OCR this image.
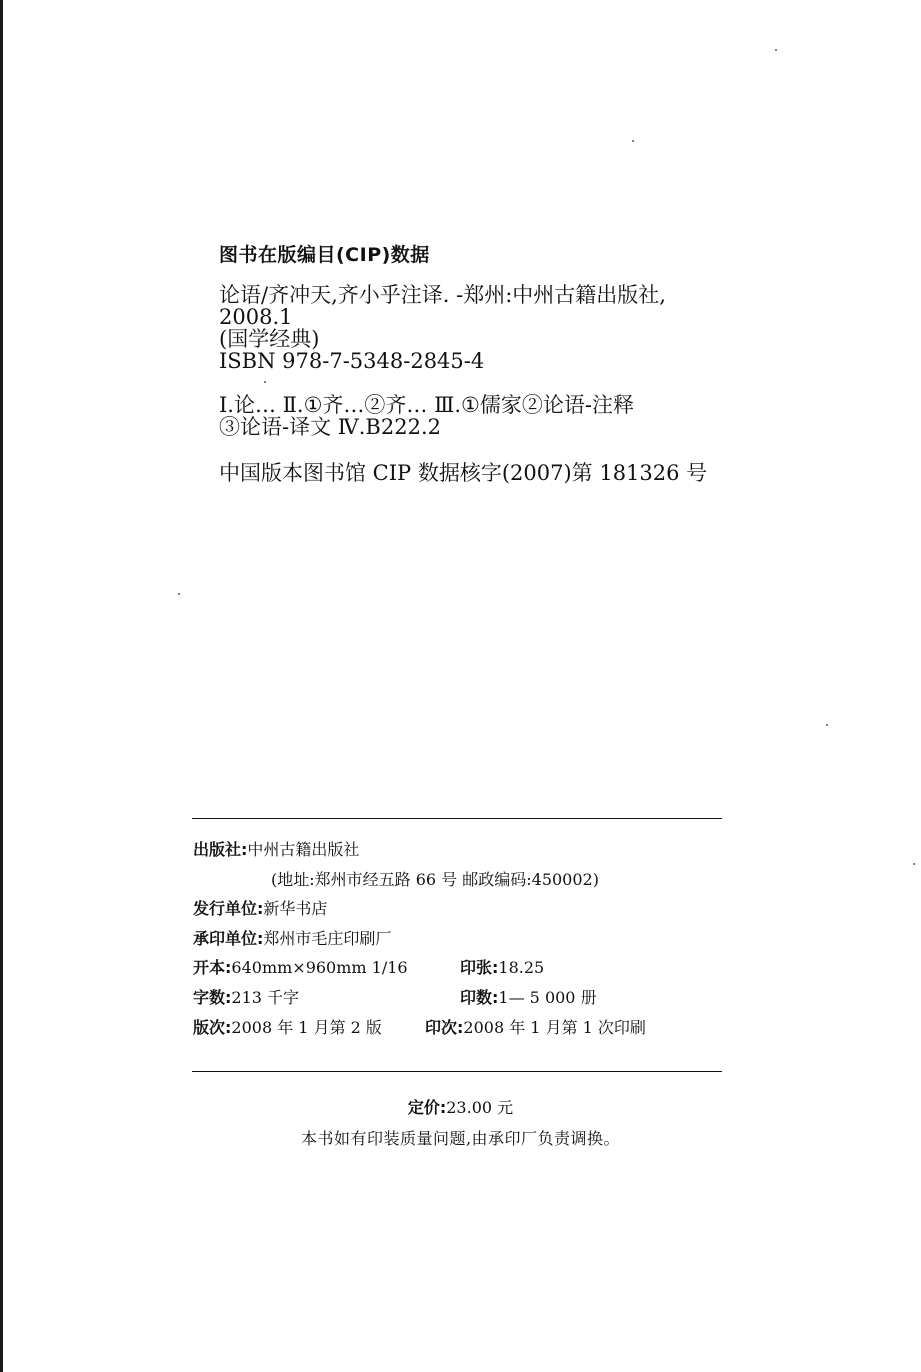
图书在版编目(CIP)数据
论语/齐冲天,齐小乎注译. -郑州:中州古籍出版社,
2008.1
(国学经典)
ISBN 978-7-5348-2845-4
Ⅰ.论… Ⅱ.①齐…②齐… Ⅲ.①儒家②论语-注释
③论语-译文 Ⅳ.B222.2
中国版本图书馆 CIP 数据核字(2007)第 181326 号
出版社:中州古籍出版社
(地址:郑州市经五路 66 号 邮政编码:450002)
发行单位:新华书店
承印单位:郑州市毛庄印刷厂
开本:640mm×960mm 1/16	印张:18.25
字数:213 千字	印数:1— 5 000 册
版次:2008 年 1 月第 2 版	印次:2008 年 1 月第 1 次印刷
定价:23.00 元
本书如有印装质量问题,由承印厂负责调换。
